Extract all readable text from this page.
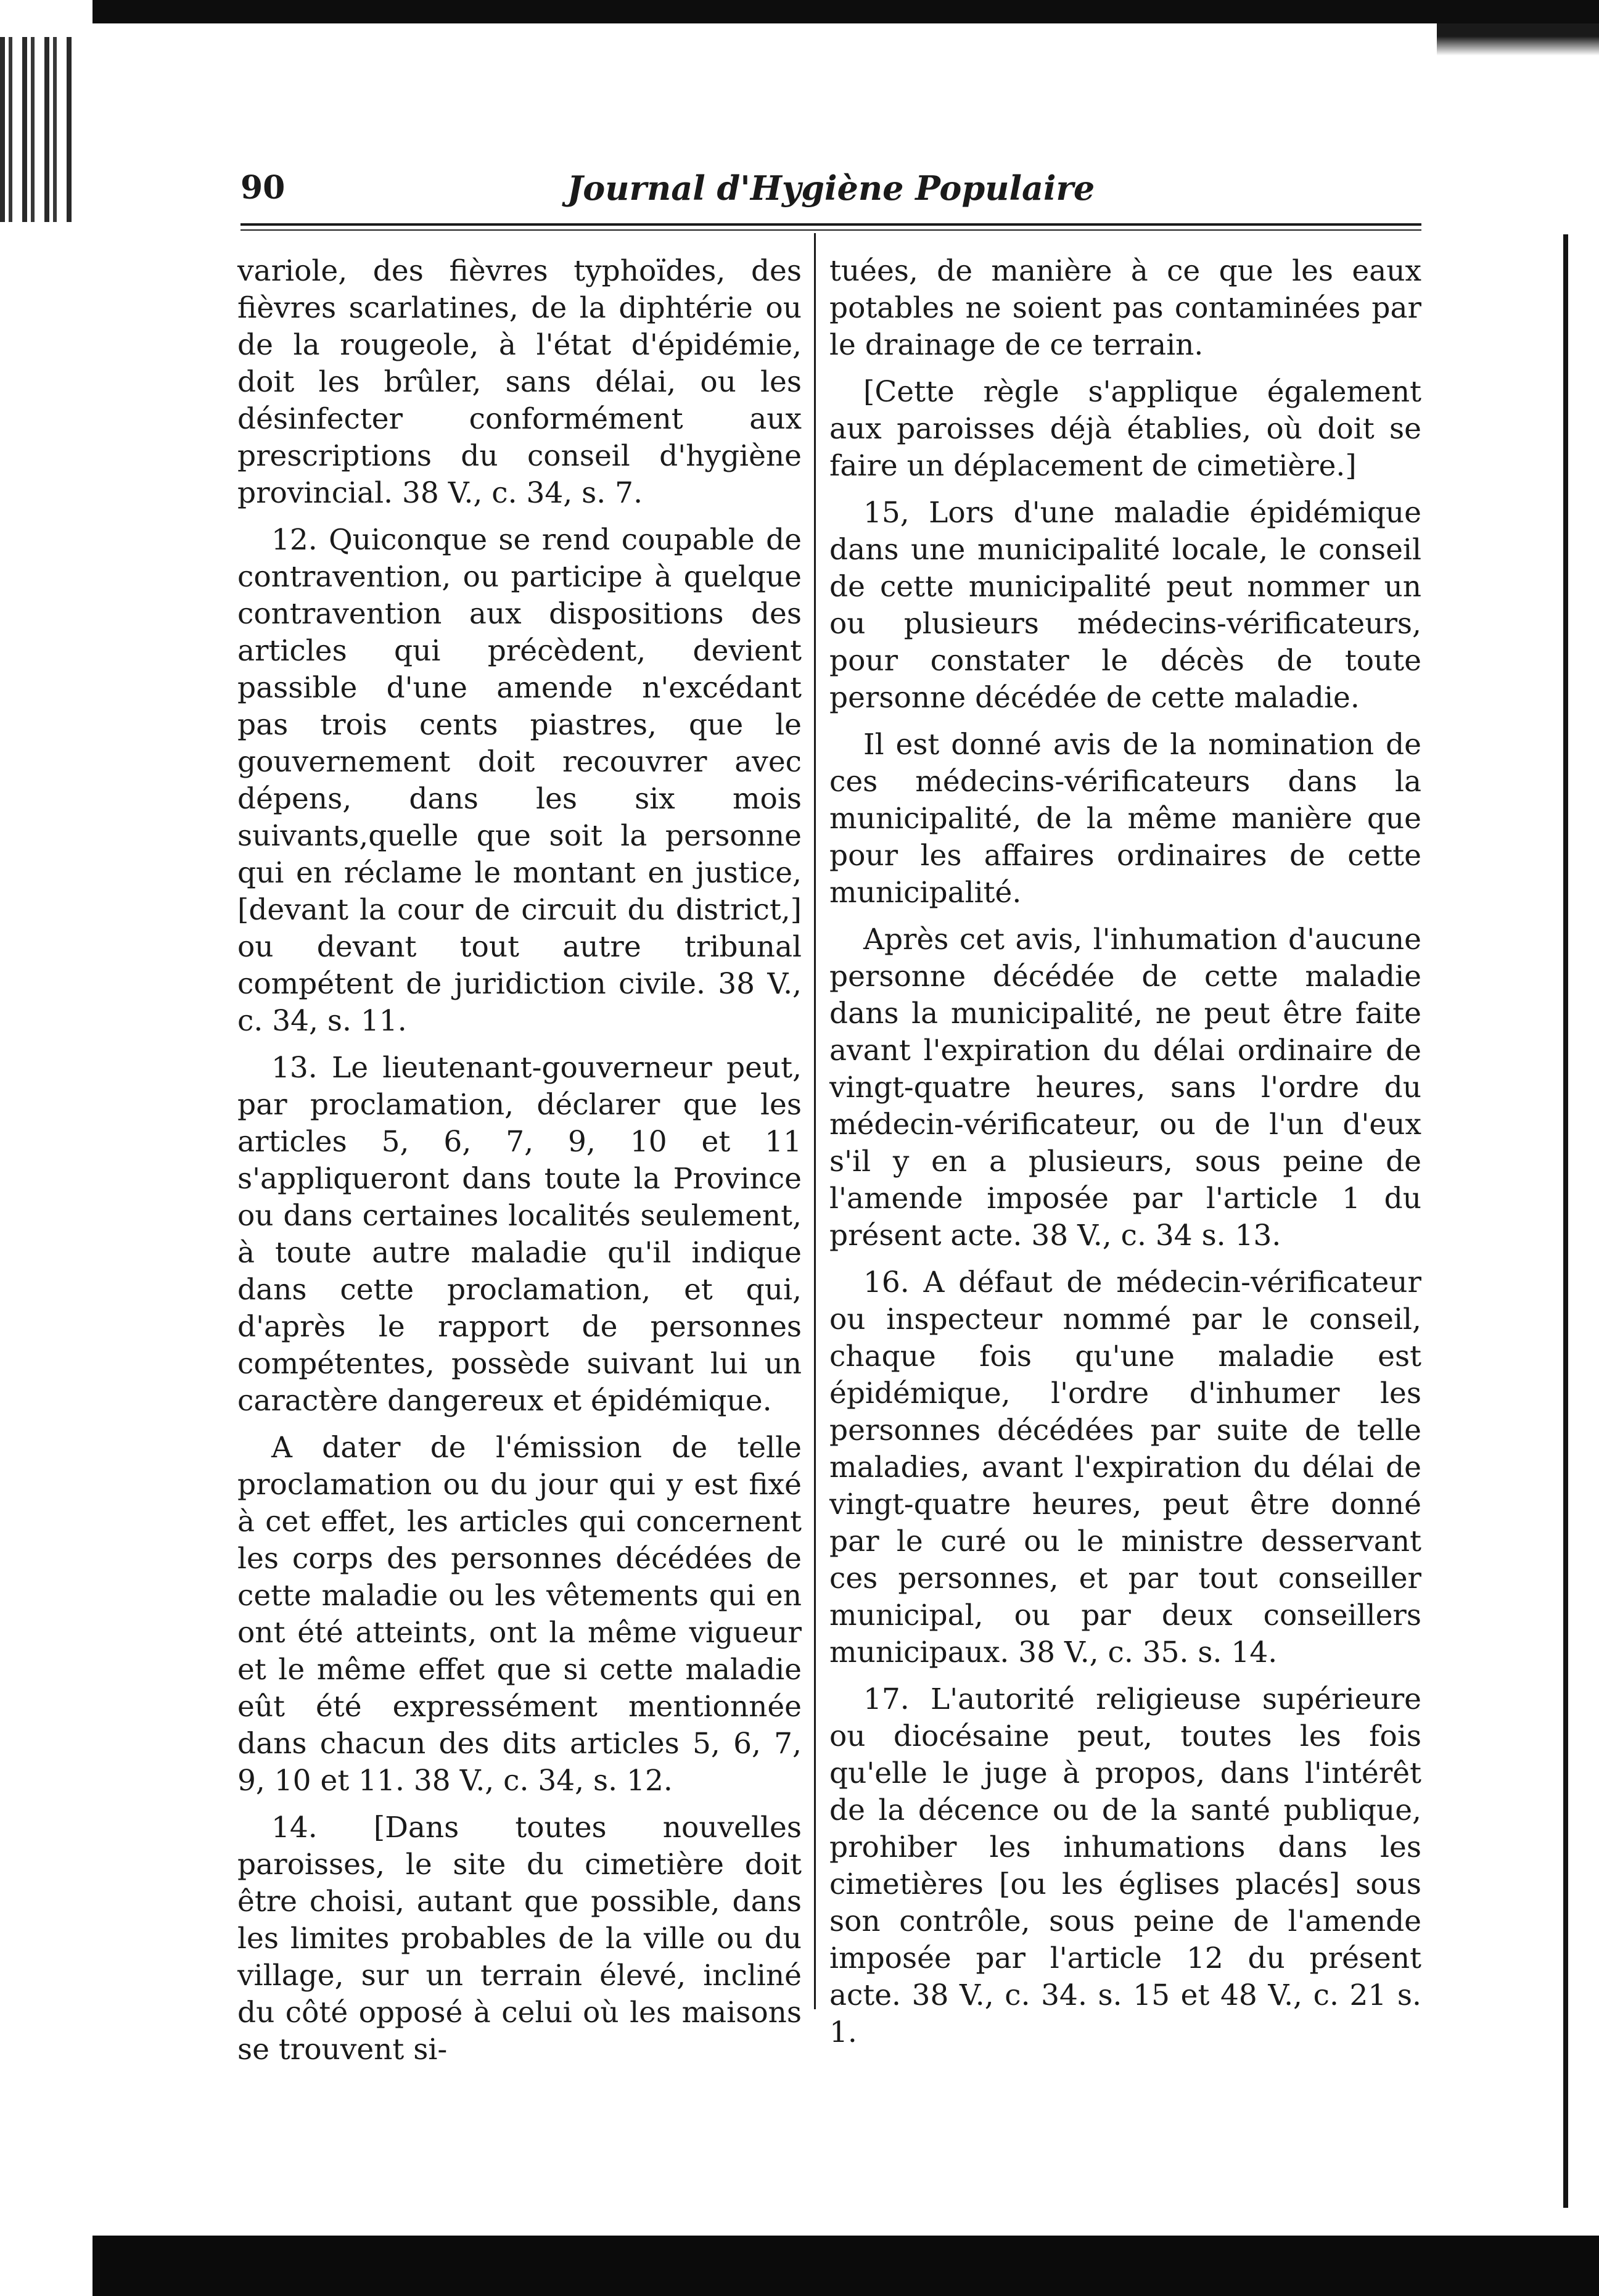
90	Journal d'Hygiène Populaire

variole, des fièvres typhoïdes, des fièvres scarlatines, de la diphtérie ou de la rougeole, à l'état d'épidémie, doit les brûler, sans délai, ou les désinfecter conformément aux prescriptions du conseil d'hygiène provincial. 38 V., c. 34, s. 7.

12. Quiconque se rend coupable de contravention, ou participe à quelque contravention aux dispositions des articles qui précèdent, devient passible d'une amende n'excédant pas trois cents piastres, que le gouvernement doit recouvrer avec dépens, dans les six mois suivants,quelle que soit la personne qui en réclame le montant en justice, [devant la cour de circuit du district,] ou devant tout autre tribunal compétent de juridiction civile. 38 V., c. 34, s. 11.

13. Le lieutenant-gouverneur peut, par proclamation, déclarer que les articles 5, 6, 7, 9, 10 et 11 s'appliqueront dans toute la Province ou dans certaines localités seulement, à toute autre maladie qu'il indique dans cette proclamation, et qui, d'après le rapport de personnes compétentes, possède suivant lui un caractère dangereux et épidémique.

A dater de l'émission de telle proclamation ou du jour qui y est fixé à cet effet, les articles qui concernent les corps des personnes décédées de cette maladie ou les vêtements qui en ont été atteints, ont la même vigueur et le même effet que si cette maladie eût été expressément mentionnée dans chacun des dits articles 5, 6, 7, 9, 10 et 11. 38 V., c. 34, s. 12.

14. [Dans toutes nouvelles paroisses, le site du cimetière doit être choisi, autant que possible, dans les limites probables de la ville ou du village, sur un terrain élevé, incliné du côté opposé à celui où les maisons se trouvent si-

tuées, de manière à ce que les eaux potables ne soient pas contaminées par le drainage de ce terrain.

[Cette règle s'applique également aux paroisses déjà établies, où doit se faire un déplacement de cimetière.]

15, Lors d'une maladie épidémique dans une municipalité locale, le conseil de cette municipalité peut nommer un ou plusieurs médecins-vérificateurs, pour constater le décès de toute personne décédée de cette maladie.

Il est donné avis de la nomination de ces médecins-vérificateurs dans la municipalité, de la même manière que pour les affaires ordinaires de cette municipalité.

Après cet avis, l'inhumation d'aucune personne décédée de cette maladie dans la municipalité, ne peut être faite avant l'expiration du délai ordinaire de vingt-quatre heures, sans l'ordre du médecin-vérificateur, ou de l'un d'eux s'il y en a plusieurs, sous peine de l'amende imposée par l'article 1 du présent acte. 38 V., c. 34 s. 13.

16. A défaut de médecin-vérificateur ou inspecteur nommé par le conseil, chaque fois qu'une maladie est épidémique, l'ordre d'inhumer les personnes décédées par suite de telle maladies, avant l'expiration du délai de vingt-quatre heures, peut être donné par le curé ou le ministre desservant ces personnes, et par tout conseiller municipal, ou par deux conseillers municipaux. 38 V., c. 35. s. 14.

17. L'autorité religieuse supérieure ou diocésaine peut, toutes les fois qu'elle le juge à propos, dans l'intérêt de la décence ou de la santé publique, prohiber les inhumations dans les cimetières [ou les églises placés] sous son contrôle, sous peine de l'amende imposée par l'article 12 du présent acte. 38 V., c. 34. s. 15 et 48 V., c. 21 s. 1.
